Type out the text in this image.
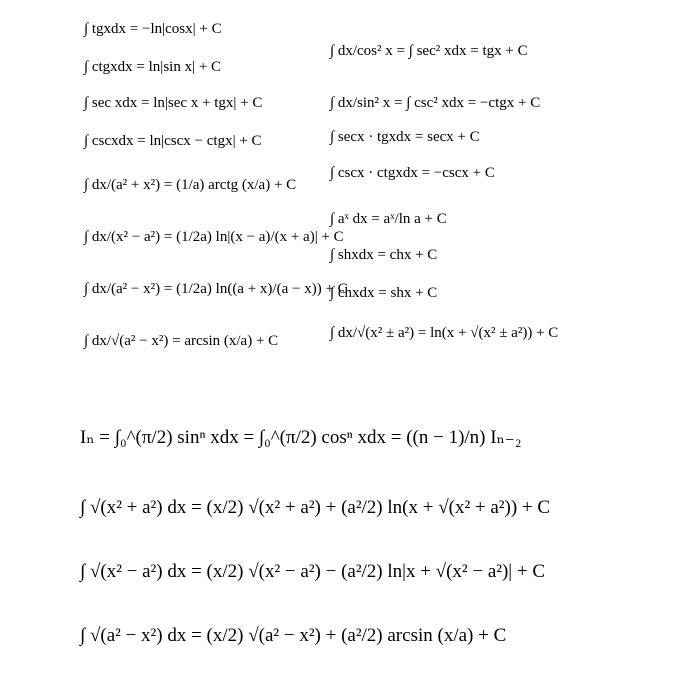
∫ tgxdx = −ln|cosx| + C
∫ ctgxdx = ln|sin x| + C
∫ sec xdx = ln|sec x + tgx| + C
∫ cscxdx = ln|cscx − ctgx| + C
∫ dx/(a² + x²) = (1/a) arctg (x/a) + C
∫ dx/(x² − a²) = (1/2a) ln|(x − a)/(x + a)| + C
∫ dx/(a² − x²) = (1/2a) ln((a + x)/(a − x)) + C
∫ dx/√(a² − x²) = arcsin (x/a) + C
∫ dx/cos² x = ∫ sec² xdx = tgx + C
∫ dx/sin² x = ∫ csc² xdx = −ctgx + C
∫ secx · tgxdx = secx + C
∫ cscx · ctgxdx = −cscx + C
∫ aˣ dx = aˣ/ln a + C
∫ shxdx = chx + C
∫ chxdx = shx + C
∫ dx/√(x² ± a²) = ln(x + √(x² ± a²)) + C
Iₙ = ∫₀^(π/2) sinⁿ xdx = ∫₀^(π/2) cosⁿ xdx = ((n − 1)/n) Iₙ₋₂
∫ √(x² + a²) dx = (x/2) √(x² + a²) + (a²/2) ln(x + √(x² + a²)) + C
∫ √(x² − a²) dx = (x/2) √(x² − a²) − (a²/2) ln|x + √(x² − a²)| + C
∫ √(a² − x²) dx = (x/2) √(a² − x²) + (a²/2) arcsin (x/a) + C
